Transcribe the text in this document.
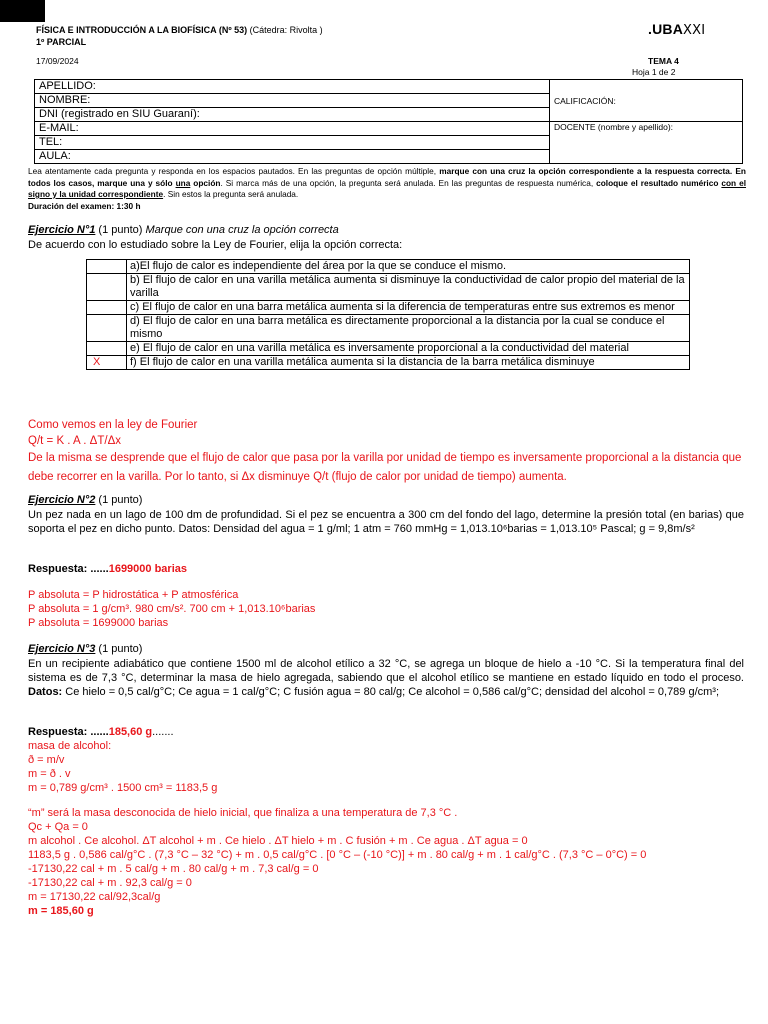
FÍSICA E INTRODUCCIÓN A LA BIOFÍSICA (Nº 53) (Cátedra: Rivolta )
1º PARCIAL
.UBAXXI
17/09/2024	TEMA 4
Hoja 1 de 2
APELLIDO:	CALIFICACIÓN:
NOMBRE:	
DNI (registrado en SIU Guaraní):	
E-MAIL:	DOCENTE (nombre y apellido):
TEL:	
AULA:	
Lea atentamente cada pregunta y responda en los espacios pautados. En las preguntas de opción múltiple, marque con una cruz la opción correspondiente a la respuesta correcta. En todos los casos, marque una y sólo una opción. Si marca más de una opción, la pregunta será anulada. En las preguntas de respuesta numérica, coloque el resultado numérico con el signo y la unidad correspondiente. Sin estos la pregunta será anulada.
Duración del examen: 1:30 h
Ejercicio N°1 (1 punto) Marque con una cruz la opción correcta
De acuerdo con lo estudiado sobre la Ley de Fourier, elija la opción correcta:
	a)El flujo de calor es independiente del área por la que se conduce el mismo.
	b) El flujo de calor en una varilla metálica aumenta si disminuye la conductividad de calor propio del material de la varilla
	c) El flujo de calor en una barra metálica aumenta si la diferencia de temperaturas entre sus extremos es menor
	d) El flujo de calor en una barra metálica es directamente proporcional a la distancia por la cual se conduce el mismo
	e) El flujo de calor en una varilla metálica es inversamente proporcional a la conductividad del material
X	f) El flujo de calor en una varilla metálica aumenta si la distancia de la barra metálica disminuye
Como vemos en la ley de Fourier
Q/t = K . A . ΔT/Δx
De la misma se desprende que el flujo de calor que pasa por la varilla por unidad de tiempo es inversamente proporcional a la distancia que debe recorrer en la varilla. Por lo tanto, si Δx disminuye Q/t (flujo de calor por unidad de tiempo) aumenta.
Ejercicio N°2 (1 punto)
Un pez nada en un lago de 100 dm de profundidad. Si el pez se encuentra a 300 cm del fondo del lago, determine la presión total (en barias) que soporta el pez en dicho punto. Datos: Densidad del agua = 1 g/ml; 1 atm = 760 mmHg = 1,013.10⁶barias = 1,013.10⁵ Pascal; g = 9,8m/s²
Respuesta: ......1699000 barias
P absoluta = P hidrostática + P atmosférica
P absoluta = 1 g/cm³. 980 cm/s². 700 cm + 1,013.10⁶barias
P absoluta = 1699000 barias
Ejercicio N°3 (1 punto)
En un recipiente adiabático que contiene 1500 ml de alcohol etílico a 32 °C, se agrega un bloque de hielo a -10 °C. Si la temperatura final del sistema es de 7,3 °C, determinar la masa de hielo agregada, sabiendo que el alcohol etílico se mantiene en estado líquido en todo el proceso. Datos: Ce hielo = 0,5 cal/g°C; Ce agua = 1 cal/g°C; C fusión agua = 80 cal/g; Ce alcohol = 0,586 cal/g°C; densidad del alcohol = 0,789 g/cm³;
Respuesta: ......185,60 g.......
masa de alcohol:
ð = m/v
m = ð . v
m = 0,789 g/cm³ . 1500 cm³ = 1183,5 g
“m” será la masa desconocida de hielo inicial, que finaliza a una temperatura de 7,3 °C .
Qc + Qa = 0
m alcohol . Ce alcohol. ΔT alcohol + m . Ce hielo . ΔT hielo + m . C fusión + m . Ce agua . ΔT agua = 0
1183,5 g . 0,586 cal/g°C . (7,3 °C – 32 °C) + m . 0,5 cal/g°C . [0 °C – (-10 °C)] + m . 80 cal/g + m . 1 cal/g°C . (7,3 °C – 0°C) = 0
-17130,22 cal + m . 5 cal/g + m . 80 cal/g + m . 7,3 cal/g = 0
-17130,22 cal + m . 92,3 cal/g = 0
m = 17130,22 cal/92,3cal/g
m = 185,60 g
